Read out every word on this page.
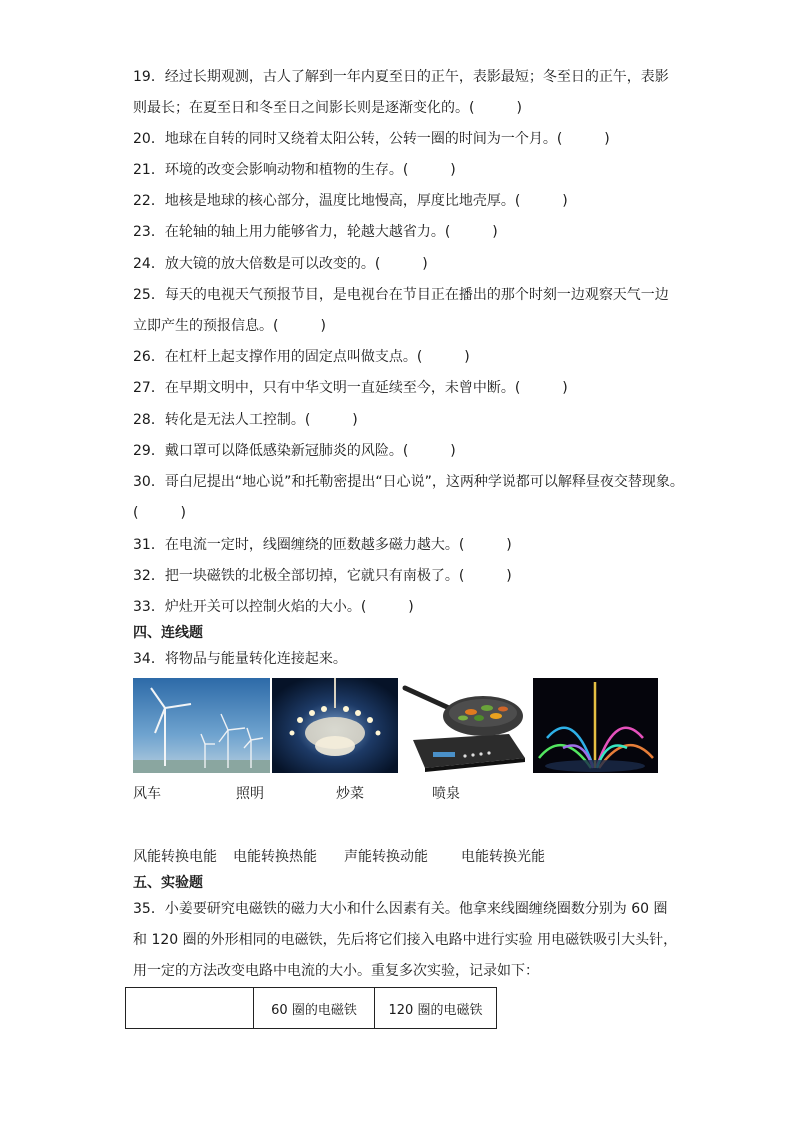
19．经过长期观测，古人了解到一年内夏至日的正午，表影最短；冬至日的正午，表影
则最长；在夏至日和冬至日之间影长则是逐渐变化的。(　　　)
20．地球在自转的同时又绕着太阳公转，公转一圈的时间为一个月。(　　　)
21．环境的改变会影响动物和植物的生存。(　　　)
22．地核是地球的核心部分，温度比地慢高，厚度比地壳厚。(　　　)
23．在轮轴的轴上用力能够省力，轮越大越省力。(　　　)
24．放大镜的放大倍数是可以改变的。(　　　)
25．每天的电视天气预报节目，是电视台在节目正在播出的那个时刻一边观察天气一边
立即产生的预报信息。(　　　)
26．在杠杆上起支撑作用的固定点叫做支点。(　　　)
27．在早期文明中，只有中华文明一直延续至今，未曾中断。(　　　)
28．转化是无法人工控制。(　　　)
29．戴口罩可以降低感染新冠肺炎的风险。(　　　)
30．哥白尼提出“地心说”和托勒密提出“日心说”，这两种学说都可以解释昼夜交替现象。
(　　　)
31．在电流一定时，线圈缠绕的匝数越多磁力越大。(　　　)
32．把一块磁铁的北极全部切掉，它就只有南极了。(　　　)
33．炉灶开关可以控制火焰的大小。(　　　)
四、连线题
34．将物品与能量转化连接起来。
风车	照明	炒菜	喷泉
风能转换电能 电能转换热能 声能转换动能 电能转换光能
五、实验题
35．小姜要研究电磁铁的磁力大小和什么因素有关。他拿来线圈缠绕圈数分别为 60 圈
和 120 圈的外形相同的电磁铁，先后将它们接入电路中进行实验 用电磁铁吸引大头针，
用一定的方法改变电路中电流的大小。重复多次实验，记录如下：
	60 圈的电磁铁	120 圈的电磁铁
